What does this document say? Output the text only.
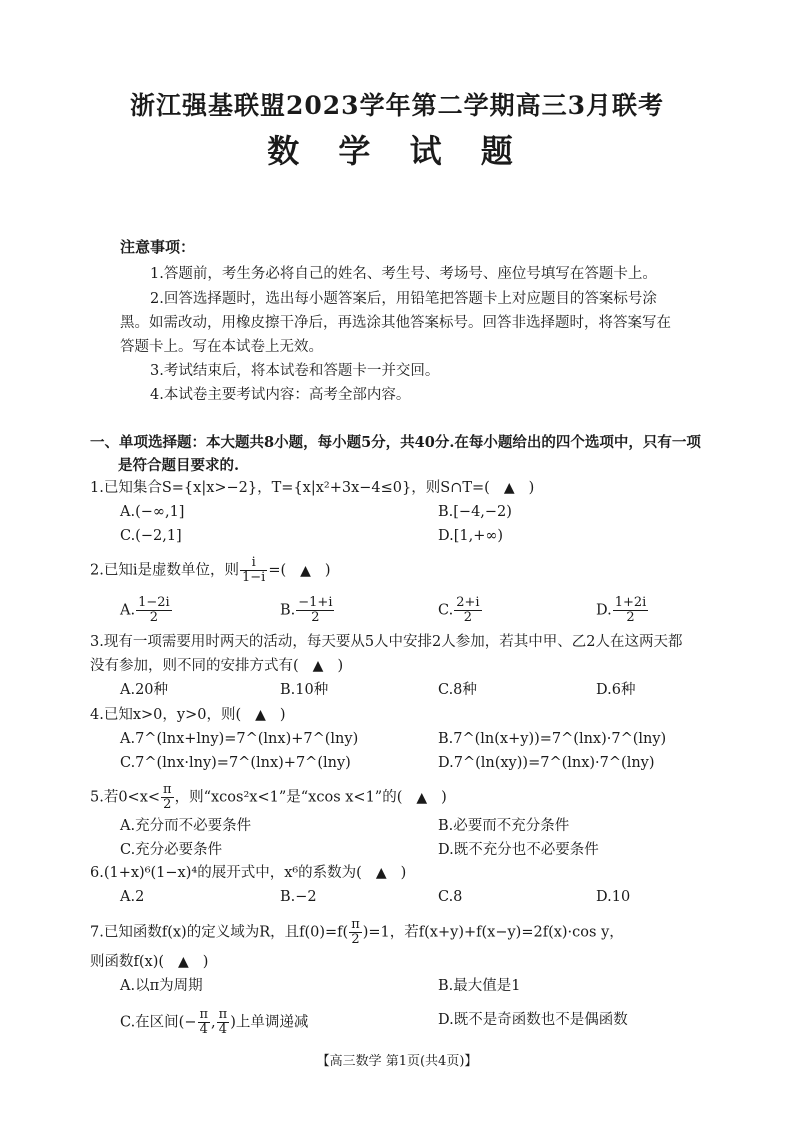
浙江强基联盟2023学年第二学期高三3月联考
数 学 试 题
注意事项：
1.答题前，考生务必将自己的姓名、考生号、考场号、座位号填写在答题卡上。
2.回答选择题时，选出每小题答案后，用铅笔把答题卡上对应题目的答案标号涂
黑。如需改动，用橡皮擦干净后，再选涂其他答案标号。回答非选择题时，将答案写在
答题卡上。写在本试卷上无效。
3.考试结束后，将本试卷和答题卡一并交回。
4.本试卷主要考试内容：高考全部内容。
一、单项选择题：本大题共8小题，每小题5分，共40分.在每小题给出的四个选项中，只有一项
是符合题目要求的.
1.已知集合S={x|x>−2}，T={x|x²+3x−4≤0}，则S∩T=( ▲ )
A.(−∞,1]	B.[−4,−2)
C.(−2,1]	D.[1,+∞)
2.已知i是虚数单位，则 $\frac{i}{1-i}$ =( ▲ )
A. $\frac{1-2i}{2}$	B. $\frac{-1+i}{2}$	C. $\frac{2+i}{2}$	D. $\frac{1+2i}{2}$
3.现有一项需要用时两天的活动，每天要从5人中安排2人参加，若其中甲、乙2人在这两天都
没有参加，则不同的安排方式有( ▲ )
A.20种	B.10种	C.8种	D.6种
4.已知x>0，y>0，则( ▲ )
A.7^(lnx+lny)=7^(lnx)+7^(lny)	B.7^(ln(x+y))=7^(lnx)·7^(lny)
C.7^(lnx·lny)=7^(lnx)+7^(lny)	D.7^(ln(xy))=7^(lnx)·7^(lny)
5.若$0<x< \frac{\pi}{2}$ ，则“xcos²x<1”是“xcos x<1”的( ▲ )
A.充分而不必要条件	B.必要而不充分条件
C.充分必要条件	D.既不充分也不必要条件
6.(1+x)⁶(1−x)⁴的展开式中，x⁶的系数为( ▲ )
A.2	B.−2	C.8	D.10
7.已知函数f(x)的定义域为R，且$f(0)=f( \frac{\pi}{2} )=1$，若f(x+y)+f(x−y)=2f(x)·cos y，
则函数f(x)( ▲ )
A.以π为周期	B.最大值是1
C.在区间(− $\frac{\pi}{4}$ , $\frac{\pi}{4}$ )上单调递减	D.既不是奇函数也不是偶函数
【高三数学 第1页(共4页)】
